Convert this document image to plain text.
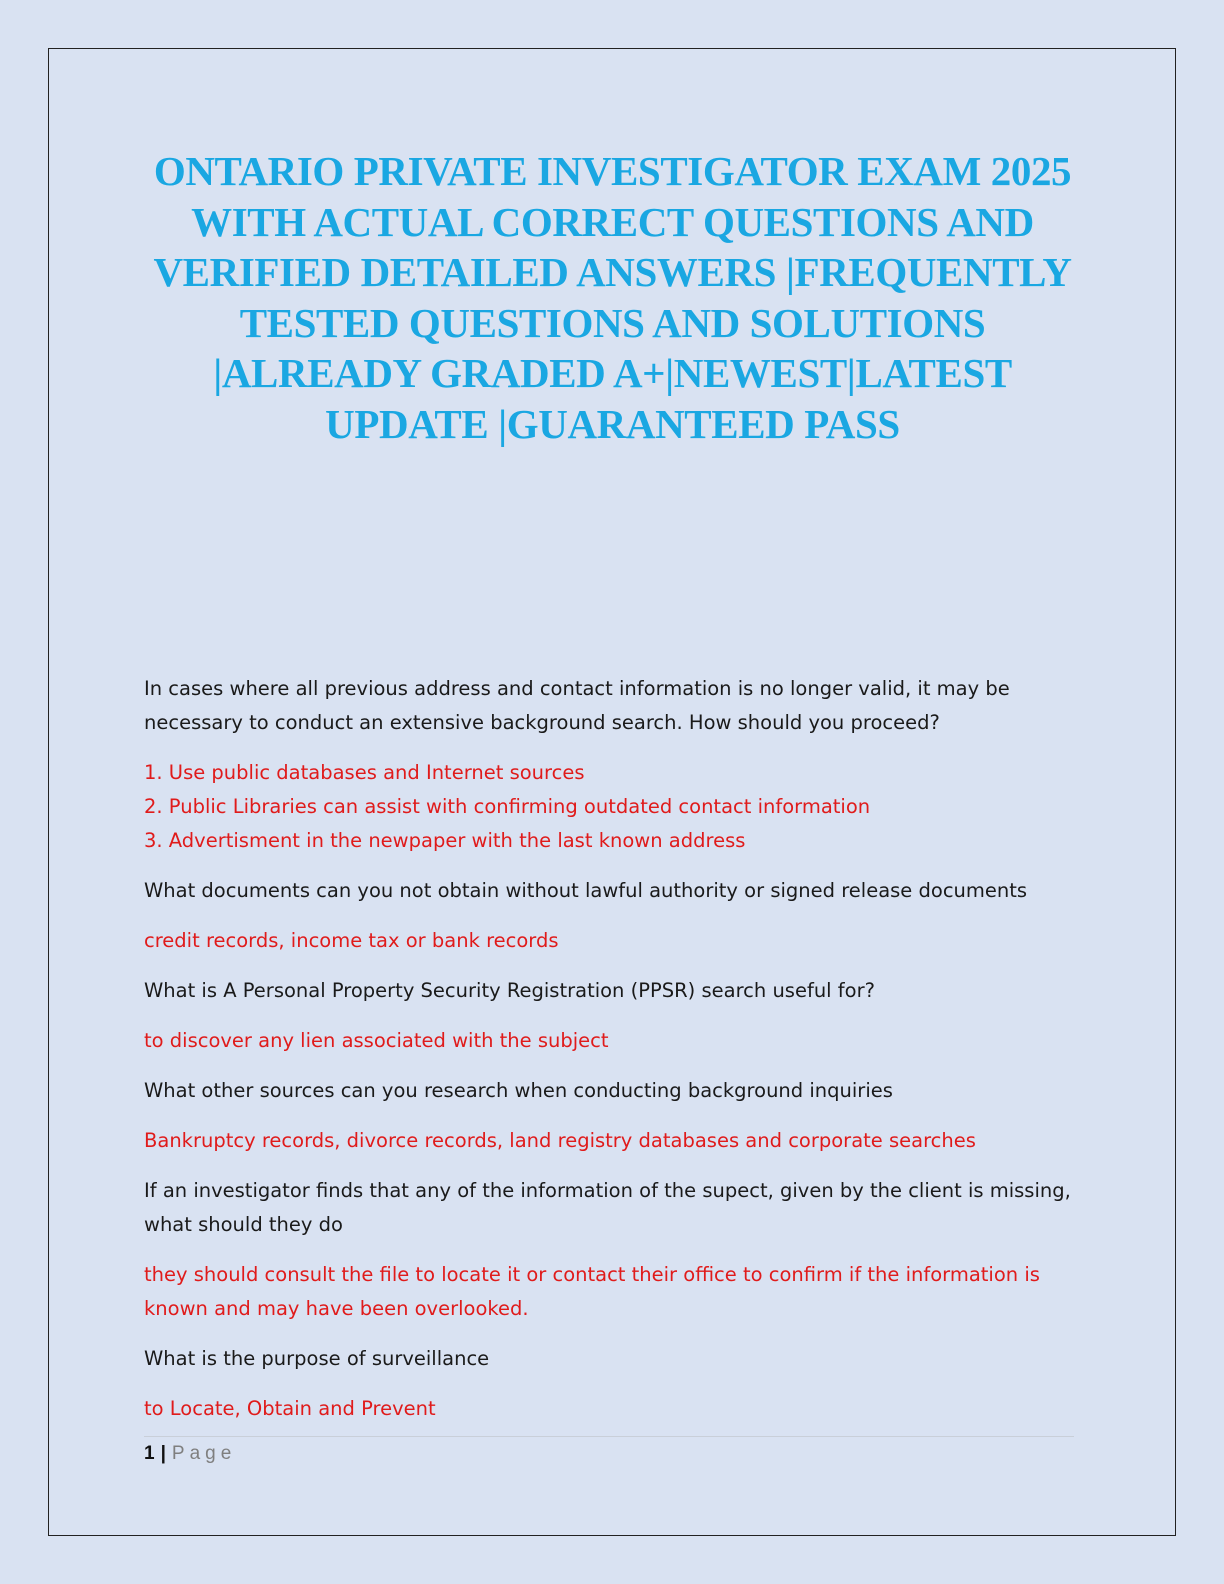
ONTARIO PRIVATE INVESTIGATOR EXAM 2025 WITH ACTUAL CORRECT QUESTIONS AND VERIFIED DETAILED ANSWERS |FREQUENTLY TESTED QUESTIONS AND SOLUTIONS |ALREADY GRADED A+|NEWEST|LATEST UPDATE |GUARANTEED PASS

In cases where all previous address and contact information is no longer valid, it may be necessary to conduct an extensive background search. How should you proceed?

1. Use public databases and Internet sources

2. Public Libraries can assist with confirming outdated contact information

3. Advertisment in the newpaper with the last known address

What documents can you not obtain without lawful authority or signed release documents

credit records, income tax or bank records

What is A Personal Property Security Registration (PPSR) search useful for?

to discover any lien associated with the subject

What other sources can you research when conducting background inquiries

Bankruptcy records, divorce records, land registry databases and corporate searches

If an investigator finds that any of the information of the supect, given by the client is missing, what should they do

they should consult the file to locate it or contact their office to confirm if the information is known and may have been overlooked.

What is the purpose of surveillance

to Locate, Obtain and Prevent

1 | Page
